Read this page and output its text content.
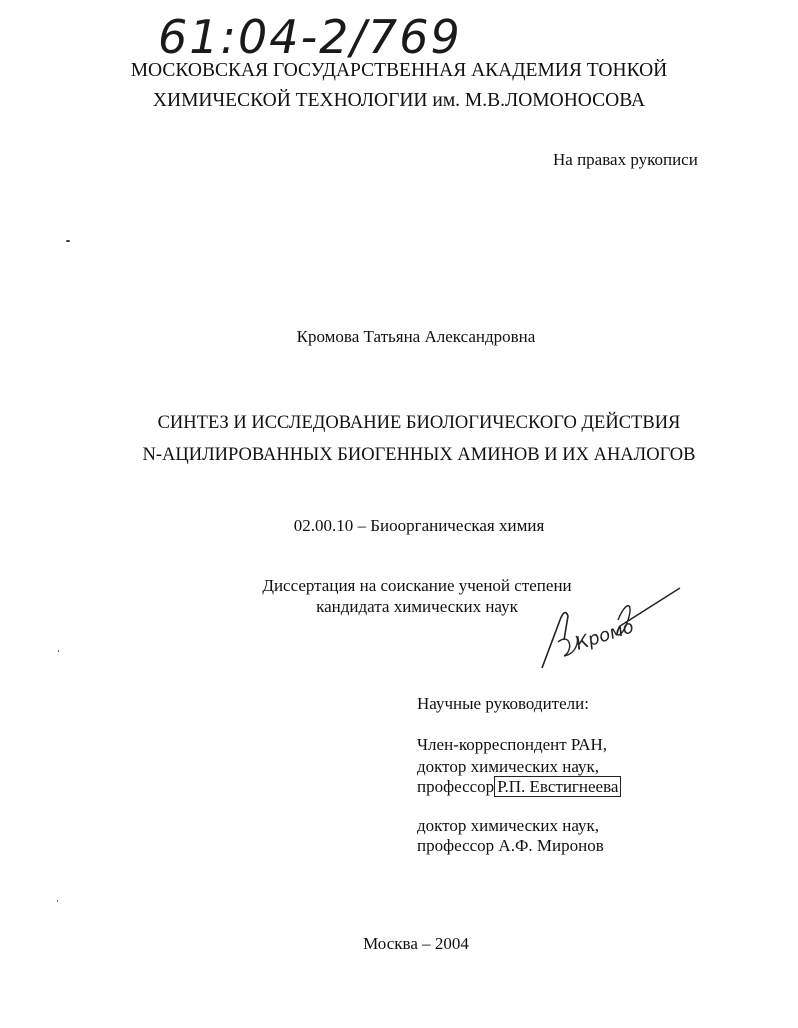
61:04-2/769
МОСКОВСКАЯ ГОСУДАРСТВЕННАЯ АКАДЕМИЯ ТОНКОЙ
ХИМИЧЕСКОЙ ТЕХНОЛОГИИ им. М.В.ЛОМОНОСОВА
На правах рукописи
Кромова Татьяна Александровна
СИНТЕЗ И ИССЛЕДОВАНИЕ БИОЛОГИЧЕСКОГО ДЕЙСТВИЯ
N-АЦИЛИРОВАННЫХ БИОГЕННЫХ АМИНОВ И ИХ АНАЛОГОВ
02.00.10 – Биоорганическая химия
Диссертация на соискание ученой степени
кандидата химических наук
Кромо
Научные руководители:
Член-корреспондент РАН,
доктор химических наук,
профессор Р.П. Евстигнеева
доктор химических наук,
профессор А.Ф. Миронов
Москва – 2004
